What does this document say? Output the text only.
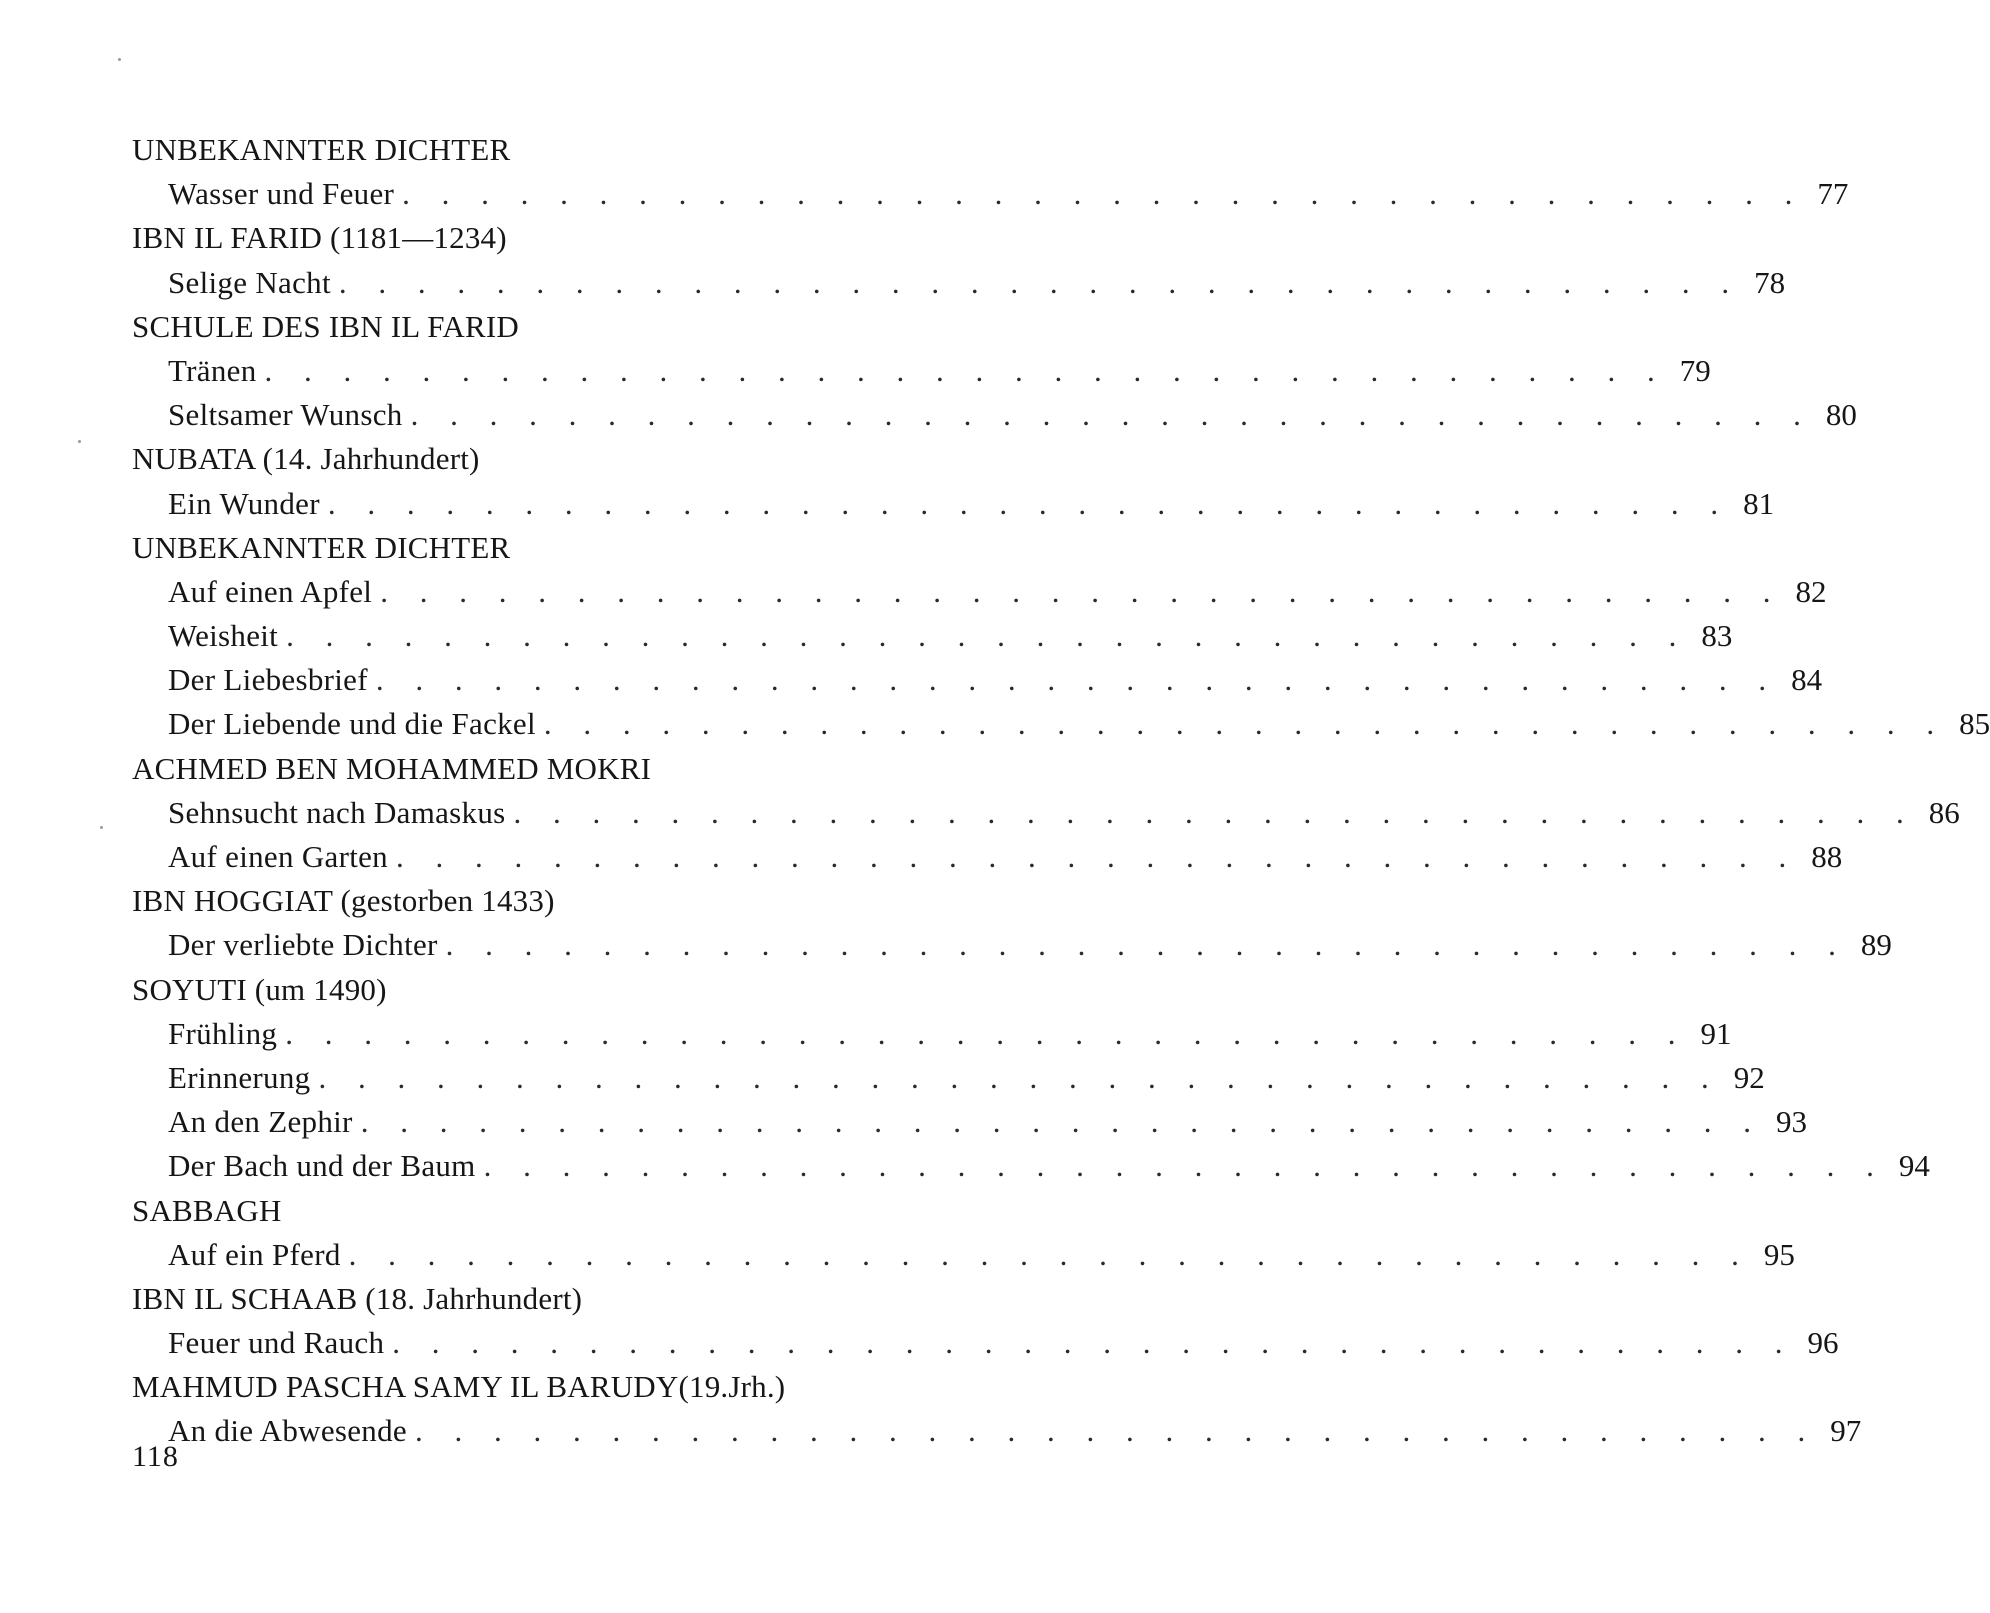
UNBEKANNTER DICHTER
Wasser und Feuer . . . . . . . . . . . . . . . . . . . . . . . . . . . . . . . . . . . . 77
IBN IL FARID (1181—1234)
Selige Nacht . . . . . . . . . . . . . . . . . . . . . . . . . . . . . . . . . . . . 78
SCHULE DES IBN IL FARID
Tränen . . . . . . . . . . . . . . . . . . . . . . . . . . . . . . . . . . . . 79
Seltsamer Wunsch . . . . . . . . . . . . . . . . . . . . . . . . . . . . . . . . . . . . 80
NUBATA (14. Jahrhundert)
Ein Wunder . . . . . . . . . . . . . . . . . . . . . . . . . . . . . . . . . . . . 81
UNBEKANNTER DICHTER
Auf einen Apfel . . . . . . . . . . . . . . . . . . . . . . . . . . . . . . . . . . . . 82
Weisheit . . . . . . . . . . . . . . . . . . . . . . . . . . . . . . . . . . . . 83
Der Liebesbrief . . . . . . . . . . . . . . . . . . . . . . . . . . . . . . . . . . . . 84
Der Liebende und die Fackel . . . . . . . . . . . . . . . . . . . . . . . . . . . . . . . . . . . . 85
ACHMED BEN MOHAMMED MOKRI
Sehnsucht nach Damaskus . . . . . . . . . . . . . . . . . . . . . . . . . . . . . . . . . . . . 86
Auf einen Garten . . . . . . . . . . . . . . . . . . . . . . . . . . . . . . . . . . . . 88
IBN HOGGIAT (gestorben 1433)
Der verliebte Dichter . . . . . . . . . . . . . . . . . . . . . . . . . . . . . . . . . . . . 89
SOYUTI (um 1490)
Frühling . . . . . . . . . . . . . . . . . . . . . . . . . . . . . . . . . . . . 91
Erinnerung . . . . . . . . . . . . . . . . . . . . . . . . . . . . . . . . . . . . 92
An den Zephir . . . . . . . . . . . . . . . . . . . . . . . . . . . . . . . . . . . . 93
Der Bach und der Baum . . . . . . . . . . . . . . . . . . . . . . . . . . . . . . . . . . . . 94
SABBAGH
Auf ein Pferd . . . . . . . . . . . . . . . . . . . . . . . . . . . . . . . . . . . . 95
IBN IL SCHAAB (18. Jahrhundert)
Feuer und Rauch . . . . . . . . . . . . . . . . . . . . . . . . . . . . . . . . . . . . 96
MAHMUD PASCHA SAMY IL BARUDY(19.Jrh.)
An die Abwesende . . . . . . . . . . . . . . . . . . . . . . . . . . . . . . . . . . . . 97
118
